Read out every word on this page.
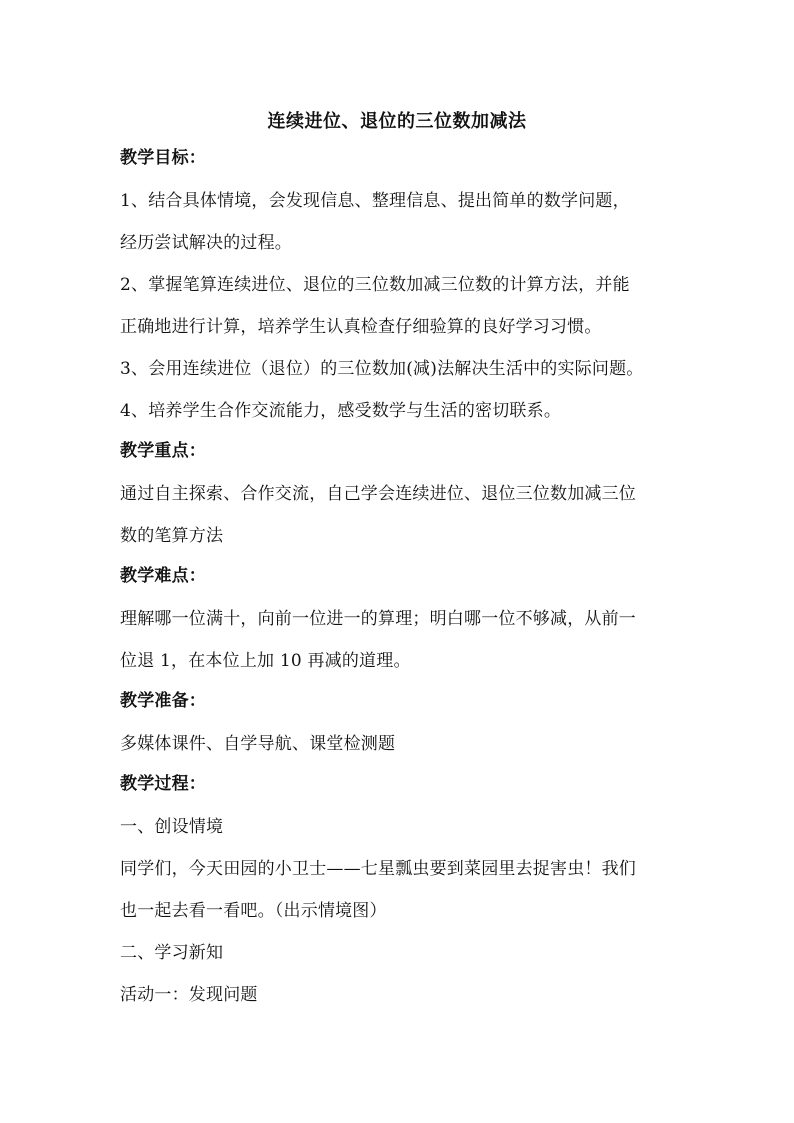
连续进位、退位的三位数加减法
教学目标：
1、结合具体情境，会发现信息、整理信息、提出简单的数学问题，
经历尝试解决的过程。
2、掌握笔算连续进位、退位的三位数加减三位数的计算方法，并能
正确地进行计算，培养学生认真检查仔细验算的良好学习习惯。
3、会用连续进位（退位）的三位数加(减)法解决生活中的实际问题。
4、培养学生合作交流能力，感受数学与生活的密切联系。
教学重点：
通过自主探索、合作交流，自己学会连续进位、退位三位数加减三位
数的笔算方法
教学难点：
理解哪一位满十，向前一位进一的算理；明白哪一位不够减，从前一
位退 1，在本位上加 10 再减的道理。
教学准备：
多媒体课件、自学导航、课堂检测题
教学过程：
一、创设情境
同学们，今天田园的小卫士——七星瓢虫要到菜园里去捉害虫！我们
也一起去看一看吧。（出示情境图）
二、学习新知
活动一：发现问题
